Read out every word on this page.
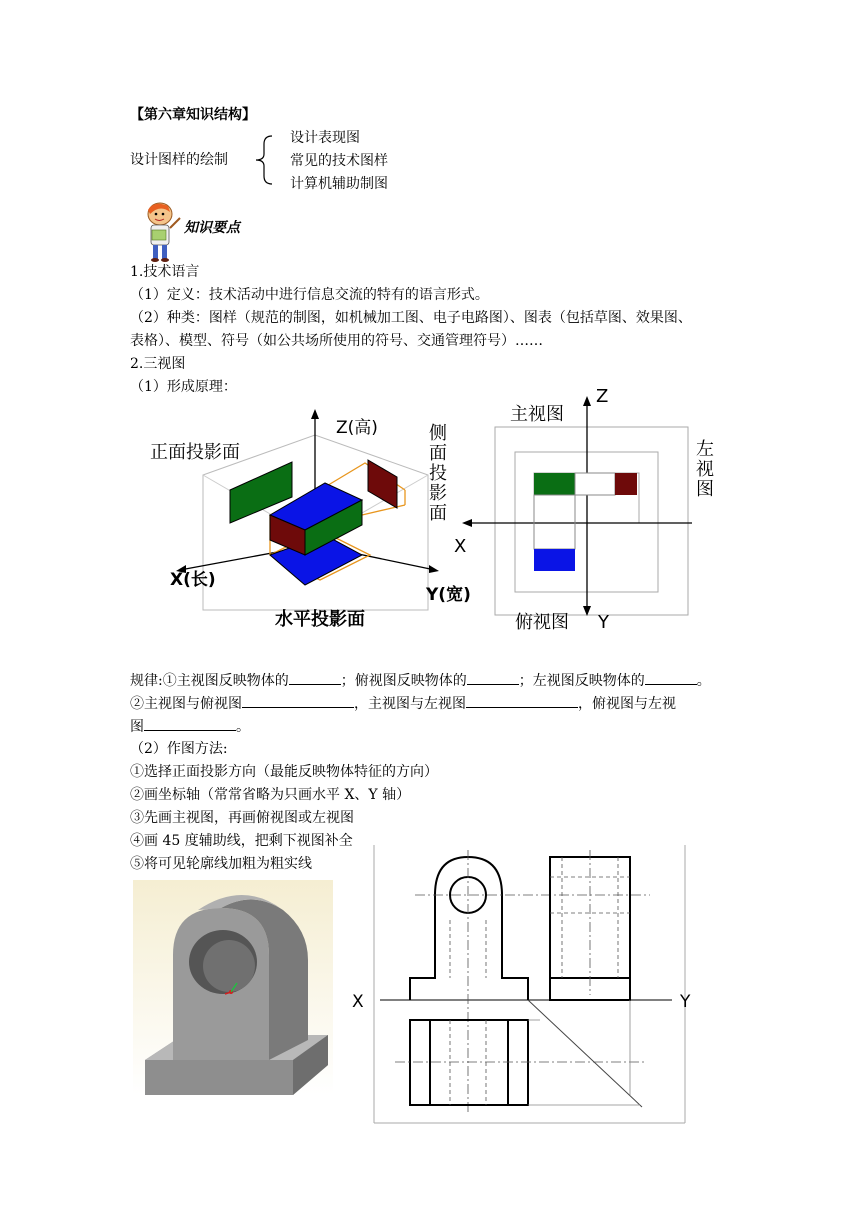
【第六章知识结构】
设计图样的绘制
设计表现图
常见的技术图样
计算机辅助制图
知识要点
1.技术语言
（1）定义：技术活动中进行信息交流的特有的语言形式。
（2）种类：图样（规范的制图，如机械加工图、电子电路图）、图表（包括草图、效果图、
表格）、模型、符号（如公共场所使用的符号、交通管理符号）……
2.三视图
（1）形成原理：
正面投影面
Z(高)	侧
面
投
影
面
X(长)
Y(宽)
水平投影面
主视图
Z
左
视
图
X
俯视图 Y
规律:①主视图反映物体的	；俯视图反映物体的	；左视图反映物体的	。
②主视图与俯视图	，主视图与左视图	，俯视图与左视
图	。
（2）作图方法:
①选择正面投影方向（最能反映物体特征的方向）
②画坐标轴（常常省略为只画水平 X、Y 轴）
③先画主视图，再画俯视图或左视图
④画 45 度辅助线，把剩下视图补全
⑤将可见轮廓线加粗为粗实线
X	Y
